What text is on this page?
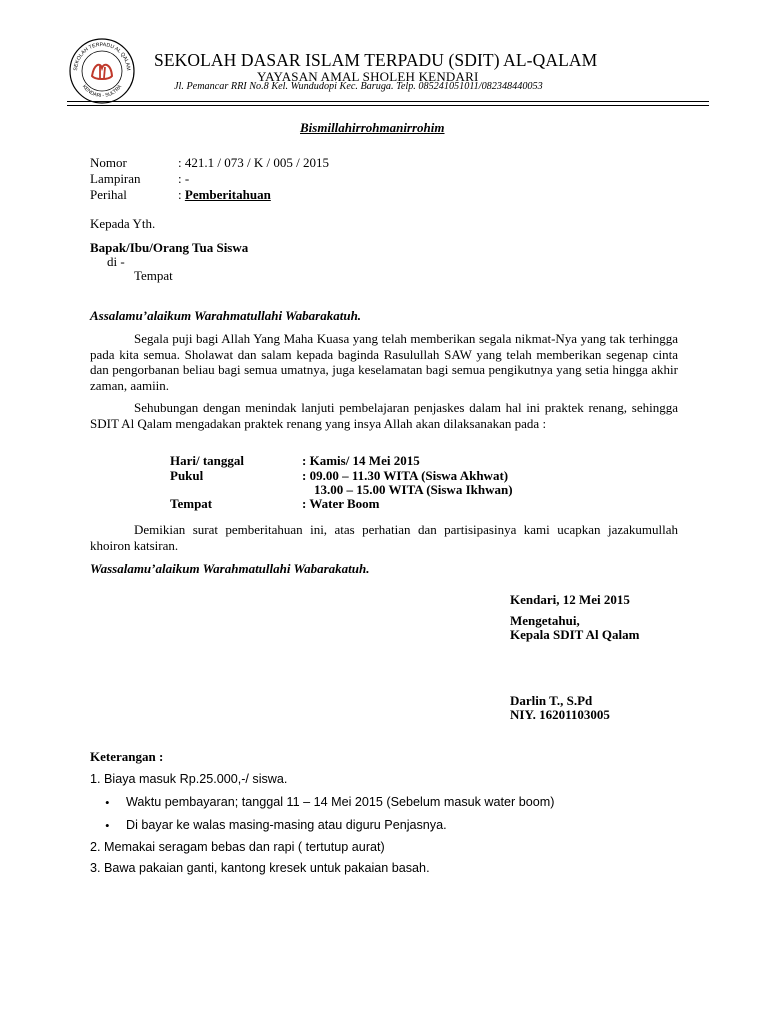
SEKOLAH TERPADU AL QALAM
KENDARI - SULTRA
SEKOLAH DASAR ISLAM TERPADU (SDIT) AL-QALAM
YAYASAN AMAL SHOLEH KENDARI
Jl. Pemancar RRI No.8 Kel. Wundudopi Kec. Baruga. Telp. 085241051011/082348440053
Bismillahirrohmanirrohim
Nomor	: 421.1 / 073 / K / 005 / 2015
Lampiran	: -
Perihal	: Pemberitahuan
Kepada Yth.
Bapak/Ibu/Orang Tua Siswa
di -
Tempat
Assalamu’alaikum Warahmatullahi Wabarakatuh.
Segala puji bagi Allah Yang Maha Kuasa yang telah memberikan segala nikmat-Nya yang tak terhingga pada kita semua. Sholawat dan salam kepada baginda Rasulullah SAW yang telah memberikan segenap cinta dan pengorbanan beliau bagi semua umatnya, juga keselamatan bagi semua pengikutnya yang setia hingga akhir zaman, aamiin.
Sehubungan dengan menindak lanjuti pembelajaran penjaskes dalam hal ini praktek renang, sehingga SDIT Al Qalam mengadakan praktek renang yang insya Allah akan dilaksanakan pada :
Hari/ tanggal	: Kamis/ 14 Mei 2015
Pukul	: 09.00 – 11.30 WITA (Siswa Akhwat)
13.00 – 15.00 WITA (Siswa Ikhwan)
Tempat	: Water Boom
Demikian surat pemberitahuan ini, atas perhatian dan partisipasinya kami ucapkan jazakumullah khoiron katsiran.
Wassalamu’alaikum Warahmatullahi Wabarakatuh.
Kendari, 12 Mei 2015
Mengetahui,
Kepala SDIT Al Qalam
Darlin T., S.Pd
NIY. 16201103005
Keterangan :
1. Biaya masuk Rp.25.000,-/ siswa.
• Waktu pembayaran; tanggal 11 – 14 Mei 2015 (Sebelum masuk water boom)
• Di bayar ke walas masing-masing atau diguru Penjasnya.
2. Memakai seragam bebas dan rapi ( tertutup aurat)
3. Bawa pakaian ganti, kantong kresek untuk pakaian basah.
